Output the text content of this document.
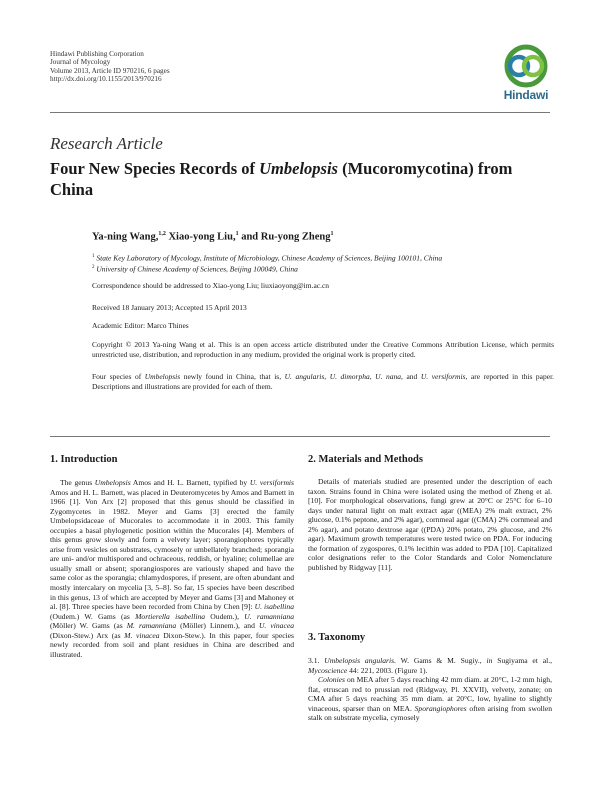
Hindawi Publishing Corporation
Journal of Mycology
Volume 2013, Article ID 970216, 6 pages
http://dx.doi.org/10.1155/2013/970216
Hindawi
Research Article
Four New Species Records of Umbelopsis (Mucoromycotina) from China
Ya-ning Wang,$^{1,2}$ Xiao-yong Liu,$^1$ and Ru-yong Zheng$^1$
$^1$ State Key Laboratory of Mycology, Institute of Microbiology, Chinese Academy of Sciences, Beijing 100101, China
$^2$ University of Chinese Academy of Sciences, Beijing 100049, China
Correspondence should be addressed to Xiao-yong Liu; liuxiaoyong@im.ac.cn
Received 18 January 2013; Accepted 15 April 2013
Academic Editor: Marco Thines
Copyright © 2013 Ya-ning Wang et al. This is an open access article distributed under the Creative Commons Attribution License, which permits unrestricted use, distribution, and reproduction in any medium, provided the original work is properly cited.
Four species of Umbelopsis newly found in China, that is, U. angularis, U. dimorpha, U. nana, and U. versiformis, are reported in this paper. Descriptions and illustrations are provided for each of them.
1. Introduction

The genus Umbelopsis Amos and H. L. Barnett, typified by U. versiformis Amos and H. L. Barnett, was placed in Deuteromycetes by Amos and Barnett in 1966 [1]. Von Arx [2] proposed that this genus should be classified in Zygomycetes in 1982. Meyer and Gams [3] erected the family Umbelopsidaceae of Mucorales to accommodate it in 2003. This family occupies a basal phylogenetic position within the Mucorales [4]. Members of this genus grow slowly and form a velvety layer; sporangiophores typically arise from vesicles on substrates, cymosely or umbellately branched; sporangia are uni- and/or multispored and ochraceous, reddish, or hyaline; columellae are usually small or absent; sporangiospores are variously shaped and have the same color as the sporangia; chlamydospores, if present, are often abundant and mostly intercalary on mycelia [3, 5–8]. So far, 15 species have been described in this genus, 13 of which are accepted by Meyer and Gams [3] and Mahoney et al. [8]. Three species have been recorded from China by Chen [9]: U. isabellina (Oudem.) W. Gams (as Mortierella isabellina Oudem.), U. ramanniana (Möller) W. Gams (as M. ramanniana (Möller) Linnem.), and U. vinacea (Dixon-Stew.) Arx (as M. vinacea Dixon-Stew.). In this paper, four species newly recorded from soil and plant residues in China are described and illustrated.

2. Materials and Methods

Details of materials studied are presented under the description of each taxon. Strains found in China were isolated using the method of Zheng et al. [10]. For morphological observations, fungi grew at 20°C or 25°C for 6–10 days under natural light on malt extract agar ((MEA) 2% malt extract, 2% glucose, 0.1% peptone, and 2% agar), cornmeal agar ((CMA) 2% cornmeal and 2% agar), and potato dextrose agar ((PDA) 20% potato, 2% glucose, and 2% agar). Maximum growth temperatures were tested twice on PDA. For inducing the formation of zygospores, 0.1% lecithin was added to PDA [10]. Capitalized color designations refer to the Color Standards and Color Nomenclature published by Ridgway [11].

3. Taxonomy

3.1. Umbelopsis angularis. W. Gams & M. Sugiy., in Sugiyama et al., Mycoscience 44: 221, 2003. (Figure 1).

Colonies on MEA after 5 days reaching 42 mm diam. at 20°C, 1-2 mm high, flat, etruscan red to prussian red (Ridgway, Pl. XXVII), velvety, zonate; on CMA after 5 days reaching 35 mm diam. at 20°C, low, hyaline to slightly vinaceous, sparser than on MEA. Sporangiophores often arising from swollen stalk on substrate mycelia, cymosely
